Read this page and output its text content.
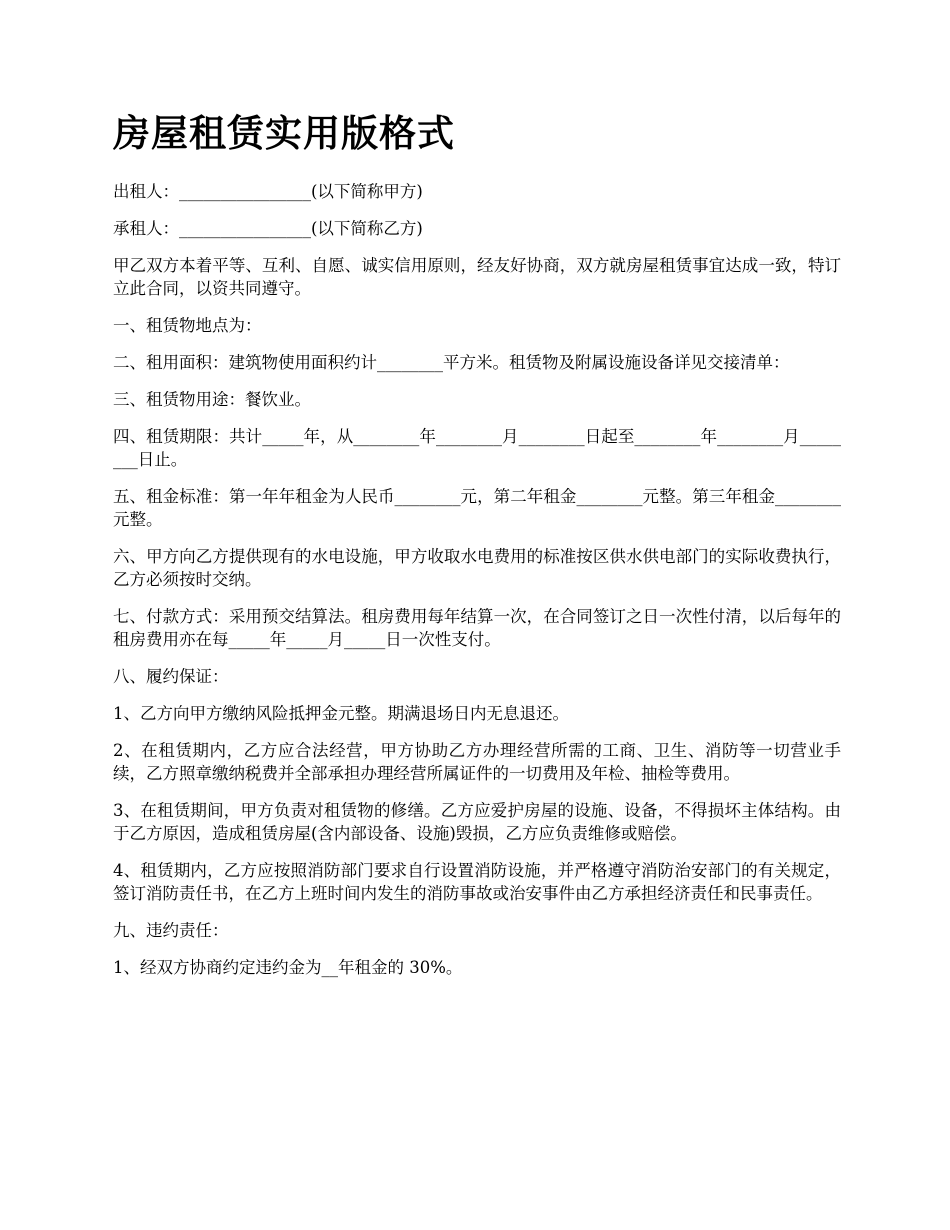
房屋租赁实用版格式

出租人：________________(以下简称甲方)

承租人：________________(以下简称乙方)

甲乙双方本着平等、互利、自愿、诚实信用原则，经友好协商，双方就房屋租赁事宜达成一致，特订立此合同，以资共同遵守。

一、租赁物地点为：

二、租用面积：建筑物使用面积约计________平方米。租赁物及附属设施设备详见交接清单：

三、租赁物用途：餐饮业。

四、租赁期限：共计_____年，从________年________月________日起至________年________月________日止。

五、租金标准：第一年年租金为人民币________元，第二年租金________元整。第三年租金________元整。

六、甲方向乙方提供现有的水电设施，甲方收取水电费用的标准按区供水供电部门的实际收费执行，乙方必须按时交纳。

七、付款方式：采用预交结算法。租房费用每年结算一次，在合同签订之日一次性付清，以后每年的租房费用亦在每_____年_____月_____日一次性支付。

八、履约保证：

1、乙方向甲方缴纳风险抵押金元整。期满退场日内无息退还。

2、在租赁期内，乙方应合法经营，甲方协助乙方办理经营所需的工商、卫生、消防等一切营业手续，乙方照章缴纳税费并全部承担办理经营所属证件的一切费用及年检、抽检等费用。

3、在租赁期间，甲方负责对租赁物的修缮。乙方应爱护房屋的设施、设备，不得损坏主体结构。由于乙方原因，造成租赁房屋(含内部设备、设施)毁损，乙方应负责维修或赔偿。

4、租赁期内，乙方应按照消防部门要求自行设置消防设施，并严格遵守消防治安部门的有关规定，签订消防责任书，在乙方上班时间内发生的消防事故或治安事件由乙方承担经济责任和民事责任。

九、违约责任：

1、经双方协商约定违约金为__年租金的 30%。
